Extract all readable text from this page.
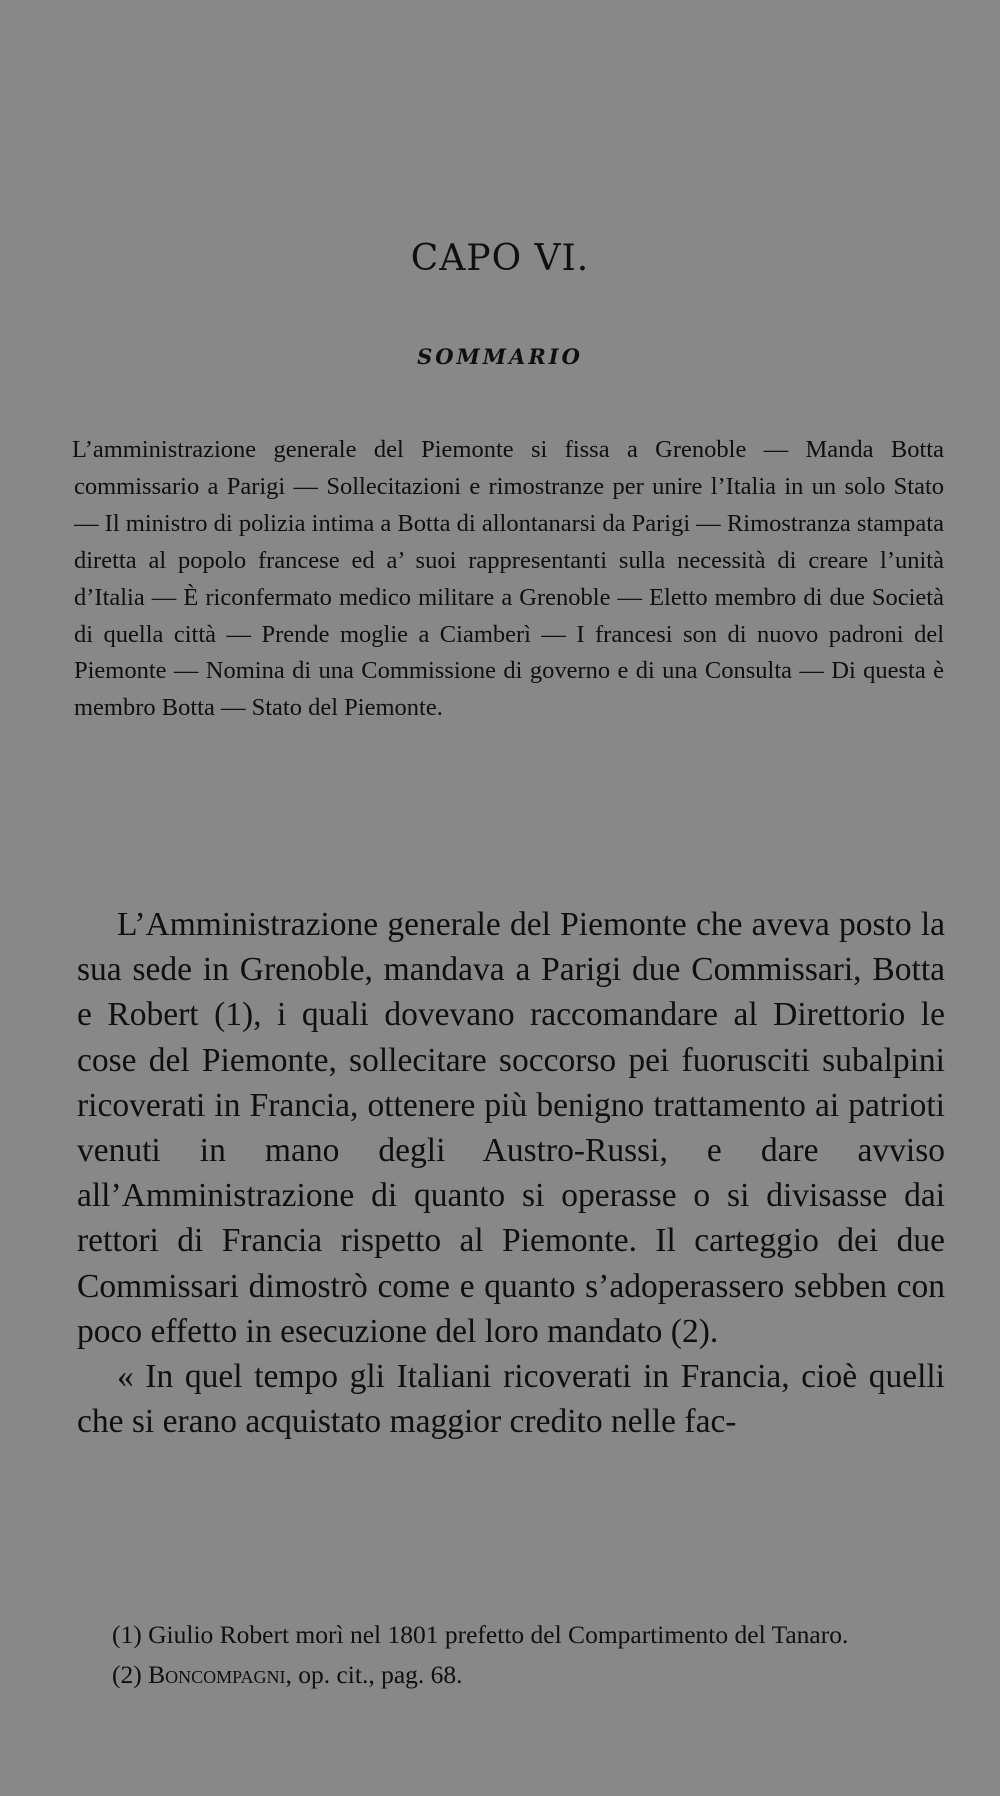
CAPO VI.
SOMMARIO

L’amministrazione generale del Piemonte si fissa a Grenoble — Manda Botta commissario a Parigi — Sollecitazioni e rimostranze per unire l’Italia in un solo Stato — Il ministro di polizia intima a Botta di allontanarsi da Parigi — Rimostranza stampata diretta al popolo francese ed a’ suoi rappresentanti sulla necessità di creare l’unità d’Italia — È riconfermato medico militare a Grenoble — Eletto membro di due Società di quella città — Prende moglie a Ciamberì — I francesi son di nuovo padroni del Piemonte — Nomina di una Commissione di governo e di una Consulta — Di questa è membro Botta — Stato del Piemonte.

L’Amministrazione generale del Piemonte che aveva posto la sua sede in Grenoble, mandava a Parigi due Commissari, Botta e Robert (1), i quali dovevano raccomandare al Direttorio le cose del Piemonte, sollecitare soccorso pei fuorusciti subalpini ricoverati in Francia, ottenere più benigno trattamento ai patrioti venuti in mano degli Austro-Russi, e dare avviso all’Amministrazione di quanto si operasse o si divisasse dai rettori di Francia rispetto al Piemonte. Il carteggio dei due Commissari dimostrò come e quanto s’adoperassero sebben con poco effetto in esecuzione del loro mandato (2).

« In quel tempo gli Italiani ricoverati in Francia, cioè quelli che si erano acquistato maggior credito nelle fac-

(1) Giulio Robert morì nel 1801 prefetto del Compartimento del Tanaro.

(2) Boncompagni, op. cit., pag. 68.
